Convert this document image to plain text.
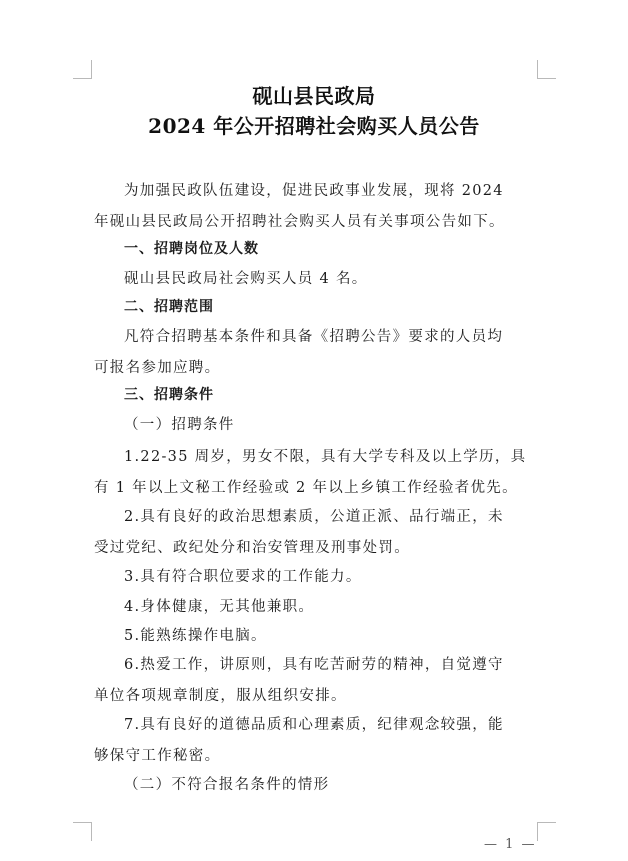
砚山县民政局
2024 年公开招聘社会购买人员公告
为加强民政队伍建设，促进民政事业发展，现将 2024
年砚山县民政局公开招聘社会购买人员有关事项公告如下。
一、招聘岗位及人数
砚山县民政局社会购买人员 4 名。
二、招聘范围
凡符合招聘基本条件和具备《招聘公告》要求的人员均
可报名参加应聘。
三、招聘条件
（一）招聘条件
1.22-35 周岁，男女不限，具有大学专科及以上学历，具
有 1 年以上文秘工作经验或 2 年以上乡镇工作经验者优先。
2.具有良好的政治思想素质，公道正派、品行端正，未
受过党纪、政纪处分和治安管理及刑事处罚。
3.具有符合职位要求的工作能力。
4.身体健康，无其他兼职。
5.能熟练操作电脑。
6.热爱工作，讲原则，具有吃苦耐劳的精神，自觉遵守
单位各项规章制度，服从组织安排。
7.具有良好的道德品质和心理素质，纪律观念较强，能
够保守工作秘密。
（二）不符合报名条件的情形
— 1 —
